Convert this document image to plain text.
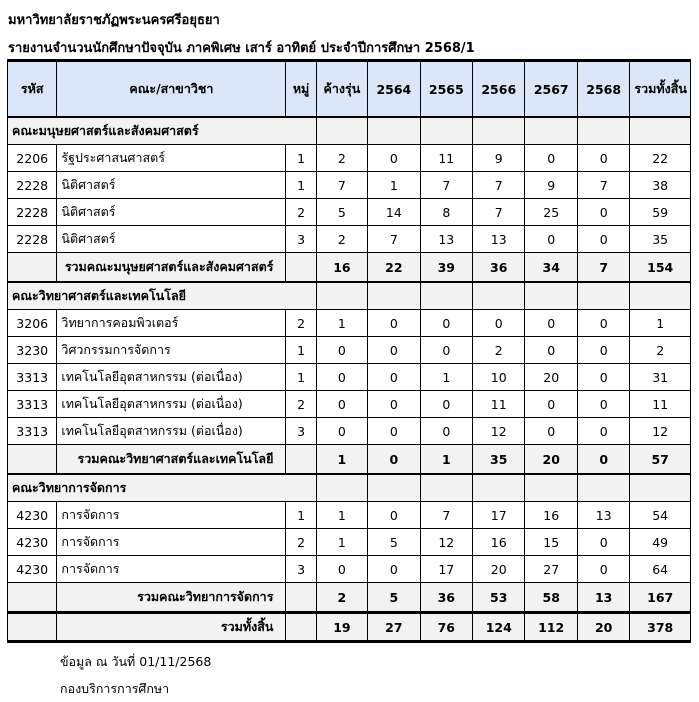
มหาวิทยาลัยราชภัฏพระนครศรีอยุธยา
รายงานจำนวนนักศึกษาปัจจุบัน ภาคพิเศษ เสาร์ อาทิตย์ ประจำปีการศึกษา 2568/1
รหัส	คณะ/สาขาวิชา	หมู่	ค้างรุ่น	2564	2565	2566	2567	2568	รวมทั้งสิ้น
คณะมนุษยศาสตร์และสังคมศาสตร์									
2206	รัฐประศาสนศาสตร์	1	2	0	11	9	0	0	22
2228	นิติศาสตร์	1	7	1	7	7	9	7	38
2228	นิติศาสตร์	2	5	14	8	7	25	0	59
2228	นิติศาสตร์	3	2	7	13	13	0	0	35
	รวมคณะมนุษยศาสตร์และสังคมศาสตร์		16	22	39	36	34	7	154
คณะวิทยาศาสตร์และเทคโนโลยี									
3206	วิทยาการคอมพิวเตอร์	2	1	0	0	0	0	0	1
3230	วิศวกรรมการจัดการ	1	0	0	0	2	0	0	2
3313	เทคโนโลยีอุตสาหกรรม (ต่อเนื่อง)	1	0	0	1	10	20	0	31
3313	เทคโนโลยีอุตสาหกรรม (ต่อเนื่อง)	2	0	0	0	11	0	0	11
3313	เทคโนโลยีอุตสาหกรรม (ต่อเนื่อง)	3	0	0	0	12	0	0	12
	รวมคณะวิทยาศาสตร์และเทคโนโลยี		1	0	1	35	20	0	57
คณะวิทยาการจัดการ									
4230	การจัดการ	1	1	0	7	17	16	13	54
4230	การจัดการ	2	1	5	12	16	15	0	49
4230	การจัดการ	3	0	0	17	20	27	0	64
	รวมคณะวิทยาการจัดการ		2	5	36	53	58	13	167
	รวมทั้งสิ้น		19	27	76	124	112	20	378
ข้อมูล ณ วันที่ 01/11/2568
กองบริการการศึกษา
